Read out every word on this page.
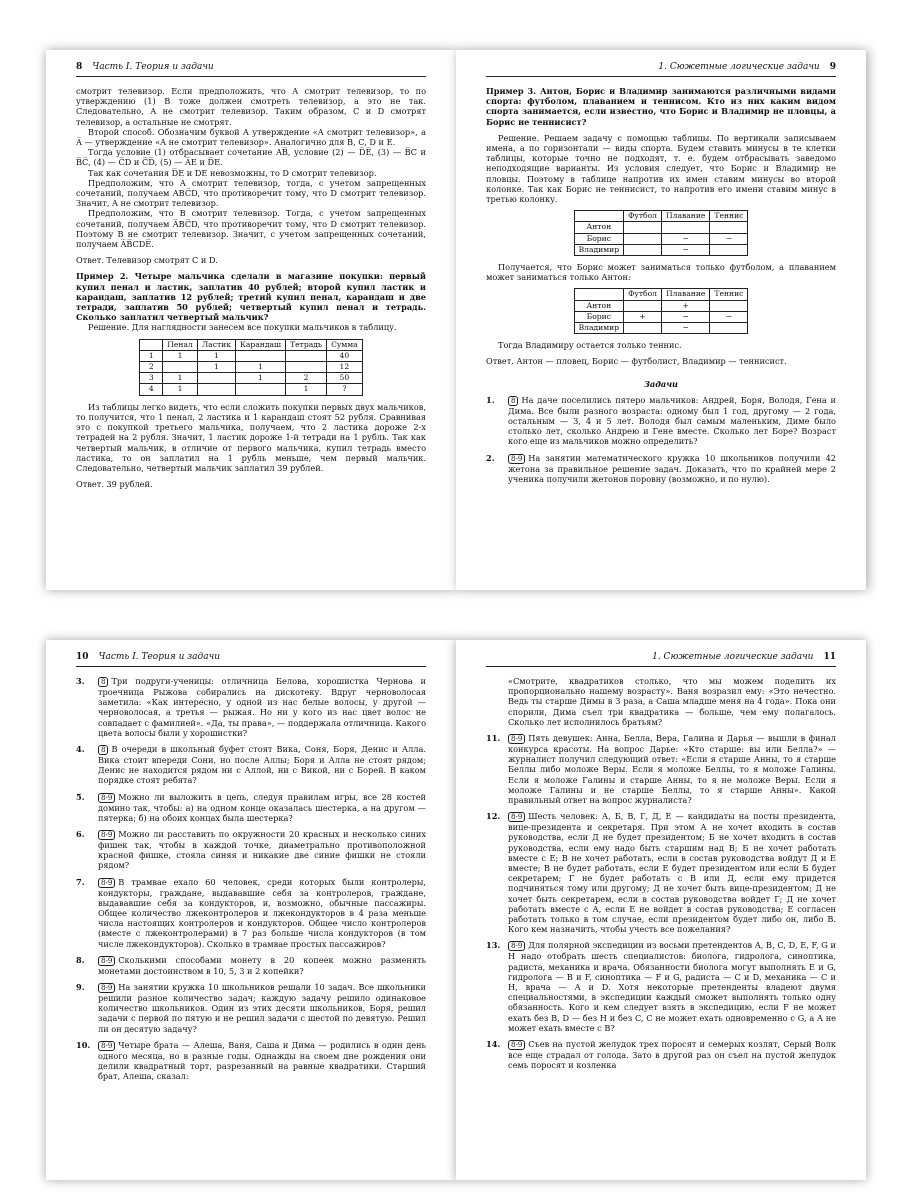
8 Часть I. Теория и задачи

смотрит телевизор. Если предположить, что A смотрит телевизор, то по утверждению (1) B тоже должен смотреть телевизор, а это не так. Следовательно, A не смотрит телевизор. Таким образом, C и D смотрят телевизор, а остальные не смотрят.

Второй способ. Обозначим буквой A утверждение «A смотрит телевизор», а A̅ — утверждение «A не смотрит телевизор». Аналогично для B, C, D и E.

Тогда условие (1) отбрасывает сочетание AB̅, условие (2) — D̅E̅, (3) — B̅C и B̅C̅, (4) — C̅D и C̅D̅, (5) — A̅E и D̅E.

Так как сочетания D̅E и DE невозможны, то D смотрит телевизор.

Предположим, что A смотрит телевизор, тогда, с учетом запрещенных сочетаний, получаем ABC̅D, что противоречит тому, что D смотрит телевизор. Значит, A не смотрит телевизор.

Предположим, что B смотрит телевизор. Тогда, с учетом запрещенных сочетаний, получаем A̅BC̅D, что противоречит тому, что D смотрит телевизор. Поэтому B не смотрит телевизор. Значит, с учетом запрещенных сочетаний, получаем A̅B̅CDE̅.

Ответ. Телевизор смотрят C и D.

Пример 2. Четыре мальчика сделали в магазине покупки: первый купил пенал и ластик, заплатив 40 рублей; второй купил ластик и карандаш, заплатив 12 рублей; третий купил пенал, карандаш и две тетради, заплатив 50 рублей; четвертый купил пенал и тетрадь. Сколько заплатил четвертый мальчик?

Решение. Для наглядности занесем все покупки мальчиков в таблицу.

	Пенал	Ластик	Карандаш	Тетрадь	Сумма
1	1	1			40
2		1	1		12
3	1		1	2	50
4	1			1	?

Из таблицы легко видеть, что если сложить покупки первых двух мальчиков, то получится, что 1 пенал, 2 ластика и 1 карандаш стоят 52 рубля. Сравнивая это с покупкой третьего мальчика, получаем, что 2 ластика дороже 2-х тетрадей на 2 рубля. Значит, 1 ластик дороже 1-й тетради на 1 рубль. Так как четвертый мальчик, в отличие от первого мальчика, купил тетрадь вместо ластика, то он заплатил на 1 рубль меньше, чем первый мальчик. Следовательно, четвертый мальчик заплатил 39 рублей.

Ответ. 39 рублей.

9
1. Сюжетные логические задачи

Пример 3. Антон, Борис и Владимир занимаются различными видами спорта: футболом, плаванием и теннисом. Кто из них каким видом спорта занимается, если известно, что Борис и Владимир не пловцы, а Борис не теннисист?

Решение. Решаем задачу с помощью таблицы. По вертикали записываем имена, а по горизонтали — виды спорта. Будем ставить минусы в те клетки таблицы, которые точно не подходят, т. е. будем отбрасывать заведомо неподходящие варианты. Из условия следует, что Борис и Владимир не пловцы. Поэтому в таблице напротив их имен ставим минусы во второй колонке. Так как Борис не теннисист, то напротив его имени ставим минус в третью колонку.

	Футбол	Плавание	Теннис
Антон			
Борис		−	−
Владимир		−	

Получается, что Борис может заниматься только футболом, а плаванием может заниматься только Антон:

	Футбол	Плавание	Теннис
Антон		+	
Борис	+	−	−
Владимир		−	

Тогда Владимиру остается только теннис.

Ответ. Антон — пловец, Борис — футболист, Владимир — теннисист.

Задачи

1. 8 На даче поселились пятеро мальчиков: Андрей, Боря, Володя, Гена и Дима. Все были разного возраста: одному был 1 год, другому — 2 года, остальным — 3, 4 и 5 лет. Володя был самым маленьким, Диме было столько лет, сколько Андрею и Гене вместе. Сколько лет Боре? Возраст кого еще из мальчиков можно определить?
2. 8-9 На занятии математического кружка 10 школьников получили 42 жетона за правильное решение задач. Доказать, что по крайней мере 2 ученика получили жетонов поровну (возможно, и по нулю).
10 Часть I. Теория и задачи
3. 8 Три подруги-ученицы: отличница Белова, хорошистка Чернова и троечница Рыжова собирались на дискотеку. Вдруг черноволосая заметила: «Как интересно, у одной из нас белые волосы, у другой — черноволосая, а третья — рыжая. Но ни у кого из нас цвет волос не совпадает с фамилией». «Да, ты права», — поддержала отличница. Какого цвета волосы были у хорошистки?
4. 8 В очереди в школьный буфет стоят Вика, Соня, Боря, Денис и Алла. Вика стоит впереди Сони, но после Аллы; Боря и Алла не стоят рядом; Денис не находится рядом ни с Аллой, ни с Викой, ни с Борей. В каком порядке стоят ребята?
5. 8-9 Можно ли выложить в цепь, следуя правилам игры, все 28 костей домино так, чтобы: а) на одном конце оказалась шестерка, а на другом — пятерка; б) на обоих концах была шестерка?
6. 8-9 Можно ли расставить по окружности 20 красных и несколько синих фишек так, чтобы в каждой точке, диаметрально противоположной красной фишке, стояла синяя и никакие две синие фишки не стояли рядом?
7. 8-9 В трамвае ехало 60 человек, среди которых были контролеры, кондукторы, граждане, выдававшие себя за контролеров, граждане, выдававшие себя за кондукторов, и, возможно, обычные пассажиры. Общее количество лжеконтролеров и лжекондукторов в 4 раза меньше числа настоящих контролеров и кондукторов. Общее число контролеров (вместе с лжеконтролерами) в 7 раз больше числа кондукторов (в том числе лжекондукторов). Сколько в трамвае простых пассажиров?
8. 8-9 Сколькими способами монету в 20 копеек можно разменять монетами достоинством в 10, 5, 3 и 2 копейки?
9. 8-9 На занятии кружка 10 школьников решали 10 задач. Все школьники решили разное количество задач; каждую задачу решило одинаковое количество школьников. Один из этих десяти школьников, Боря, решил задачи с первой по пятую и не решил задачи с шестой по девятую. Решил ли он десятую задачу?
10. 8-9 Четыре брата — Алеша, Ваня, Саша и Дима — родились в один день одного месяца, но в разные годы. Однажды на своем дне рождения они делили квадратный торт, разрезанный на равные квадратики. Старший брат, Алеша, сказал:
11
1. Сюжетные логические задачи
«Смотрите, квадратиков столько, что мы можем поделить их пропорционально нашему возрасту». Ваня возразил ему: «Это нечестно. Ведь ты старше Димы в 3 раза, а Саша младше меня на 4 года». Пока они спорили, Дима съел три квадратика — больше, чем ему полагалось. Сколько лет исполнилось братьям?
11. 8-9 Пять девушек: Анна, Белла, Вера, Галина и Дарья — вышли в финал конкурса красоты. На вопрос Дарье: «Кто старше: вы или Белла?» — журналист получил следующий ответ: «Если я старше Анны, то я старше Беллы либо моложе Веры. Если я моложе Беллы, то я моложе Галины. Если я моложе Галины и старше Анны, то я не моложе Веры. Если я моложе Галины и не старше Беллы, то я старше Анны». Какой правильный ответ на вопрос журналиста?
12. 8-9 Шесть человек: А, Б, В, Г, Д, Е — кандидаты на посты президента, вице-президента и секретаря. При этом А не хочет входить в состав руководства, если Д не будет президентом; Б не хочет входить в состав руководства, если ему надо быть старшим над В; Б не хочет работать вместе с Е; В не хочет работать, если в состав руководства войдут Д и Е вместе; В не будет работать, если Е будет президентом или если Б будет секретарем; Г не будет работать с В или Д, если ему придется подчиняться тому или другому; Д не хочет быть вице-президентом; Д не хочет быть секретарем, если в состав руководства войдет Г; Д не хочет работать вместе с А, если Е не войдет в состав руководства; Е согласен работать только в том случае, если президентом будет либо он, либо В. Кого кем назначить, чтобы учесть все пожелания?
13. 8-9 Для полярной экспедиции из восьми претендентов A, B, C, D, E, F, G и H надо отобрать шесть специалистов: биолога, гидролога, синоптика, радиста, механика и врача. Обязанности биолога могут выполнять E и G, гидролога — B и F, синоптика — F и G, радиста — C и D, механика — C и H, врача — A и D. Хотя некоторые претенденты владеют двумя специальностями, в экспедиции каждый сможет выполнять только одну обязанность. Кого и кем следует взять в экспедицию, если F не может ехать без B, D — без H и без C, C не может ехать одновременно с G, а A не может ехать вместе с B?
14. 8-9 Съев на пустой желудок трех поросят и семерых козлят, Серый Волк все еще страдал от голода. Зато в другой раз он съел на пустой желудок семь поросят и козленка
